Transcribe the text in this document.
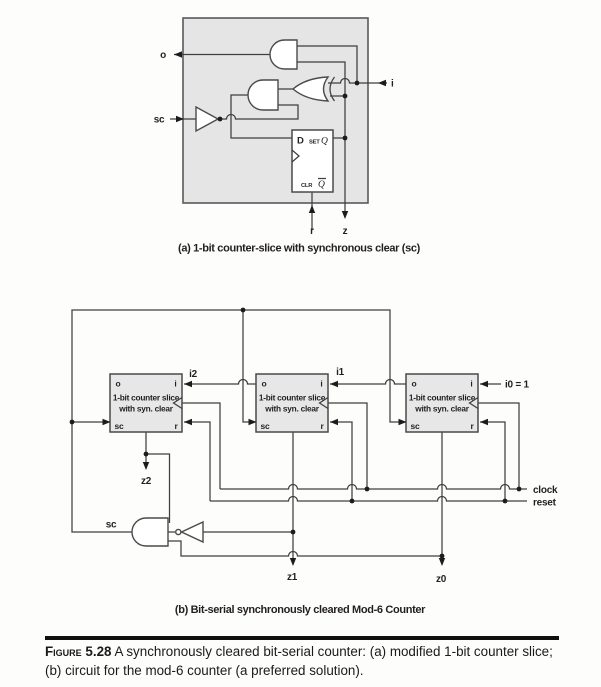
D SET Q
CLR Q
o
sc
i
r	z
(a) 1-bit counter-slice with synchronous clear (sc)
o	i
1-bit counter slice
with syn. clear
sc	r
o	i
1-bit counter slice
with syn. clear
sc	r
o	i
1-bit counter slice
with syn. clear
sc	r
i2	i1
i0 = 1
z2
z1	z0
clock
reset
sc
(b) Bit-serial synchronously cleared Mod-6 Counter
Figure 5.28 A synchronously cleared bit-serial counter: (a) modified 1-bit counter slice; (b) circuit for the mod-6 counter (a preferred solution).
